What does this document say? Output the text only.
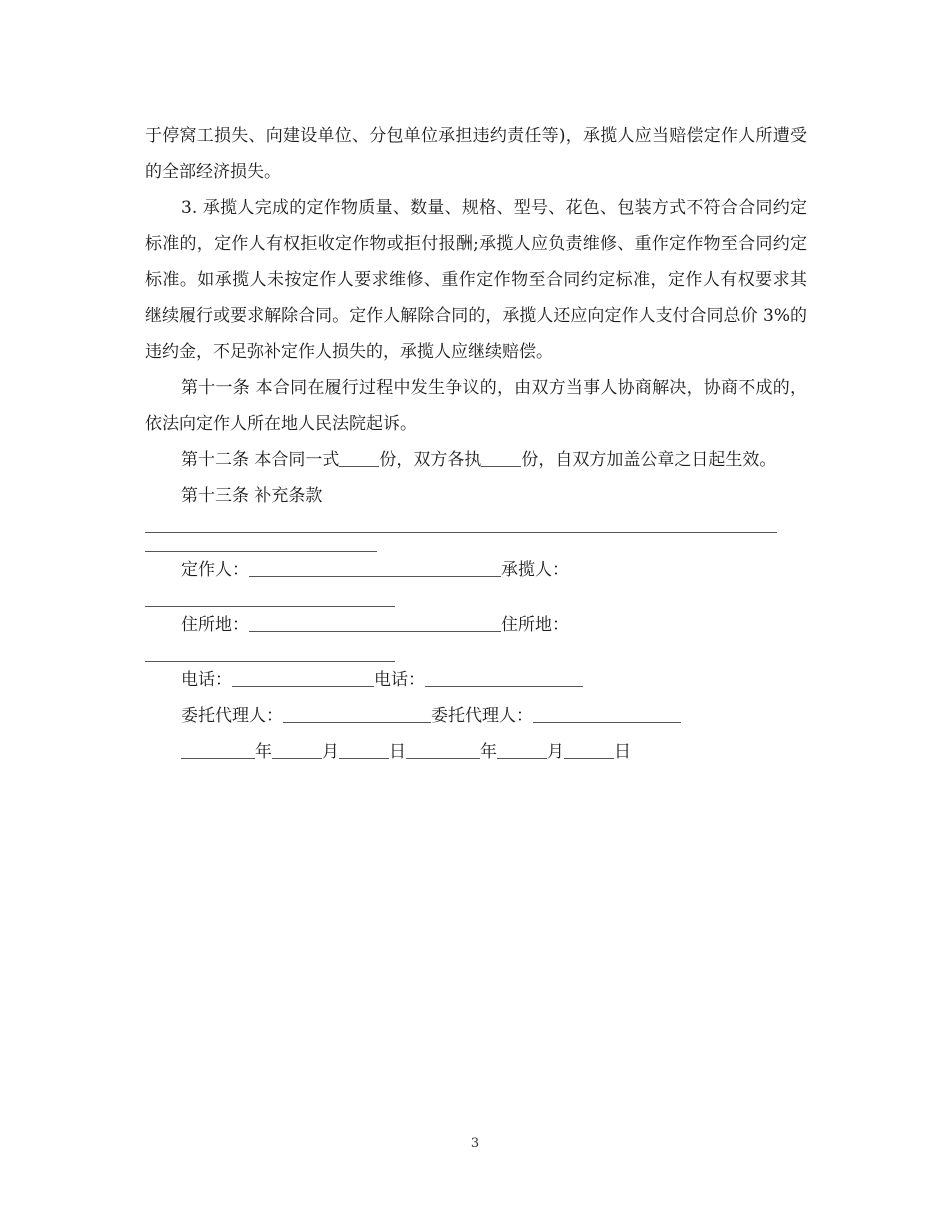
于停窝工损失、向建设单位、分包单位承担违约责任等)，承揽人应当赔偿定作人所遭受的全部经济损失。

3. 承揽人完成的定作物质量、数量、规格、型号、花色、包装方式不符合合同约定标准的，定作人有权拒收定作物或拒付报酬;承揽人应负责维修、重作定作物至合同约定标准。如承揽人未按定作人要求维修、重作定作物至合同约定标准，定作人有权要求其继续履行或要求解除合同。定作人解除合同的，承揽人还应向定作人支付合同总价 3%的违约金，不足弥补定作人损失的，承揽人应继续赔偿。

第十一条 本合同在履行过程中发生争议的，由双方当事人协商解决，协商不成的，依法向定作人所在地人民法院起诉。

第十二条 本合同一式 份，双方各执 份，自双方加盖公章之日起生效。

第十三条 补充条款

定作人：	承揽人：

住所地：	住所地：

电话：	电话：

委托代理人：	委托代理人：

年	月	日	年	月	日

3
